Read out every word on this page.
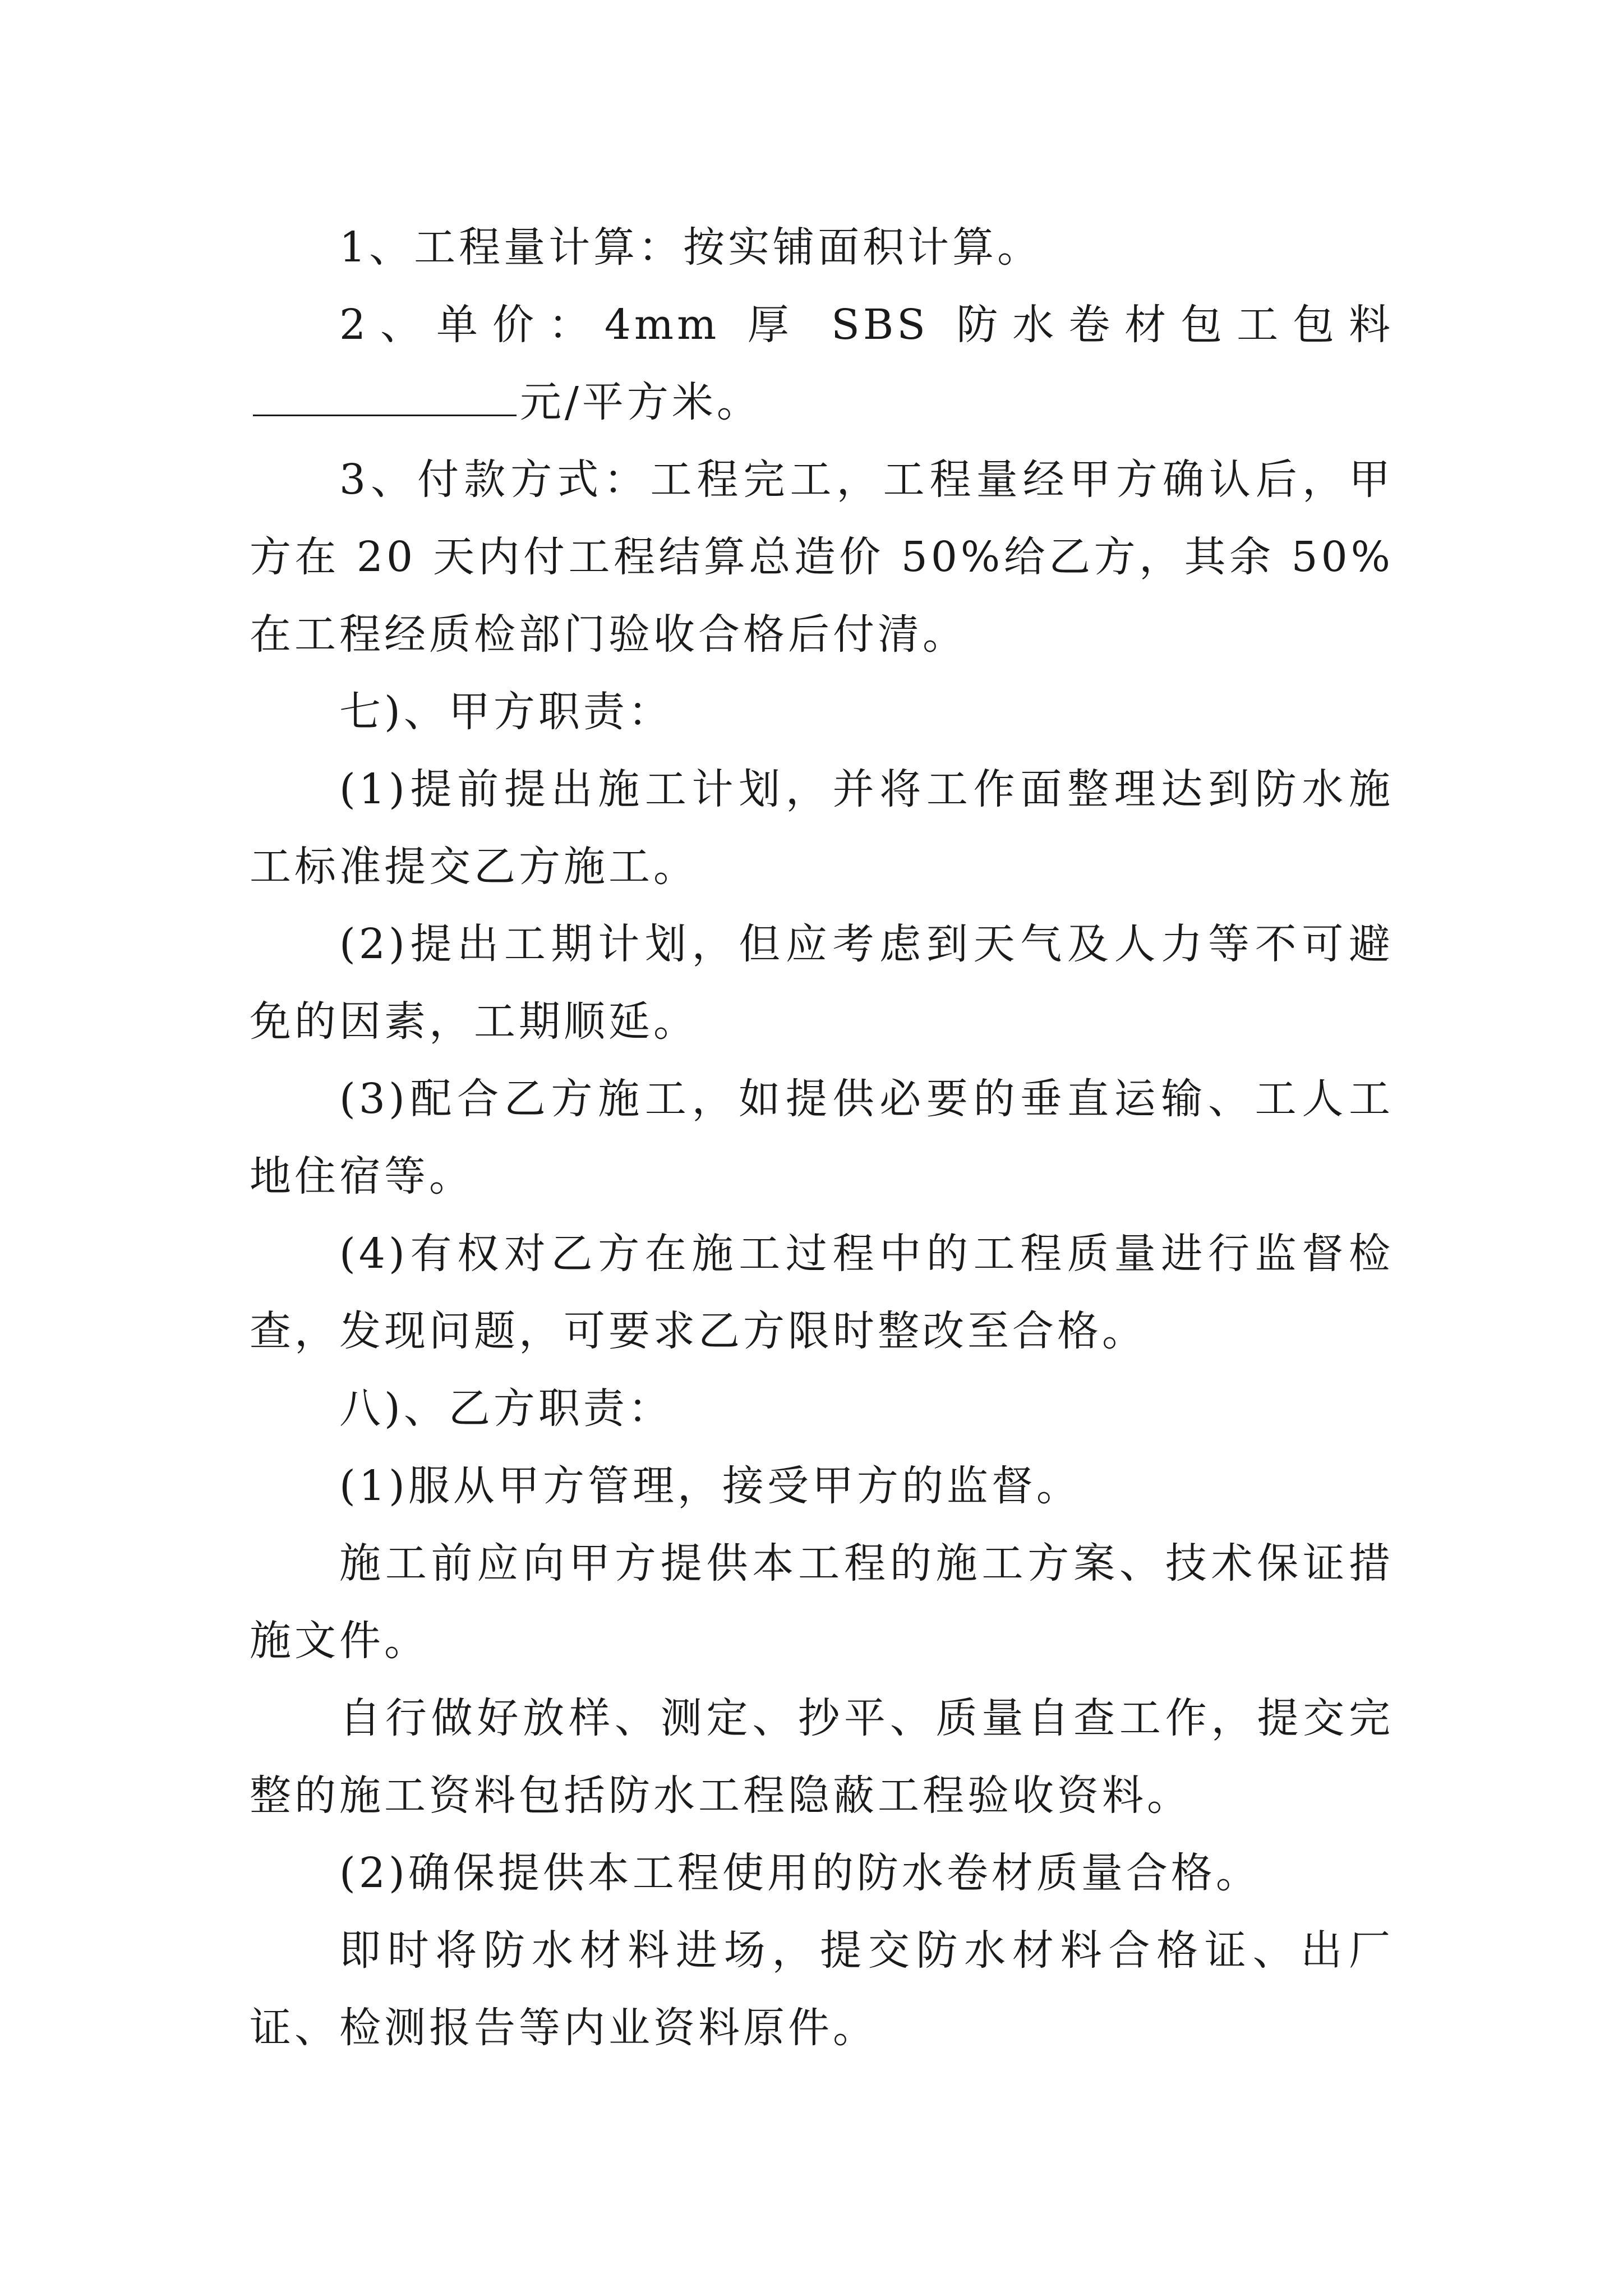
1、工程量计算：按实铺面积计算。

2、单价：4mm 厚 SBS 防水卷材包工包料元/平方米。

3、付款方式：工程完工，工程量经甲方确认后，甲方在 20 天内付工程结算总造价 50%给乙方，其余 50%在工程经质检部门验收合格后付清。

七)、甲方职责：

(1)提前提出施工计划，并将工作面整理达到防水施工标准提交乙方施工。

(2)提出工期计划，但应考虑到天气及人力等不可避免的因素，工期顺延。

(3)配合乙方施工，如提供必要的垂直运输、工人工地住宿等。

(4)有权对乙方在施工过程中的工程质量进行监督检查，发现问题，可要求乙方限时整改至合格。

八)、乙方职责：

(1)服从甲方管理，接受甲方的监督。

施工前应向甲方提供本工程的施工方案、技术保证措施文件。

自行做好放样、测定、抄平、质量自查工作，提交完整的施工资料包括防水工程隐蔽工程验收资料。

(2)确保提供本工程使用的防水卷材质量合格。

即时将防水材料进场，提交防水材料合格证、出厂证、检测报告等内业资料原件。
